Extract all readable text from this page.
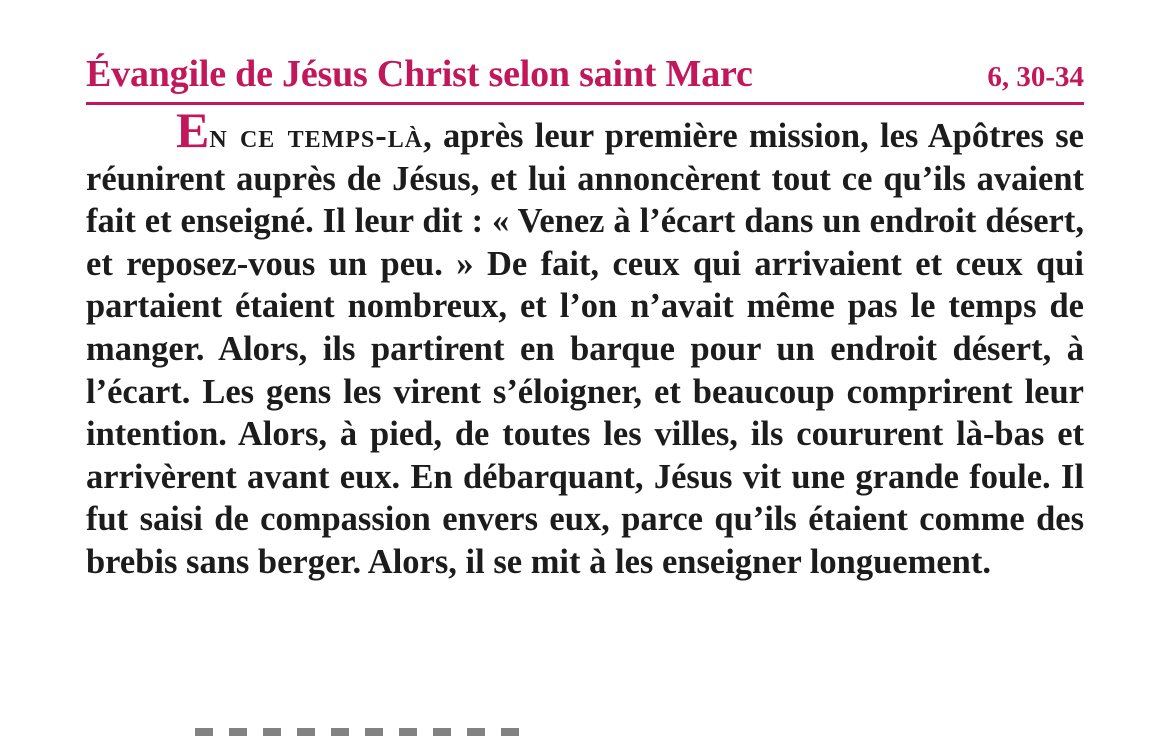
Évangile de Jésus Christ selon saint Marc	6, 30-34

En ce temps-là, après leur première mission, les Apôtres se réunirent auprès de Jésus, et lui annoncèrent tout ce qu’ils avaient fait et enseigné. Il leur dit : « Venez à l’écart dans un endroit désert, et reposez-vous un peu. » De fait, ceux qui arrivaient et ceux qui partaient étaient nombreux, et l’on n’avait même pas le temps de manger. Alors, ils partirent en barque pour un endroit désert, à l’écart. Les gens les virent s’éloigner, et beaucoup comprirent leur intention. Alors, à pied, de toutes les villes, ils coururent là-bas et arrivèrent avant eux. En débarquant, Jésus vit une grande foule. Il fut saisi de compassion envers eux, parce qu’ils étaient comme des brebis sans berger. Alors, il se mit à les enseigner longuement.
